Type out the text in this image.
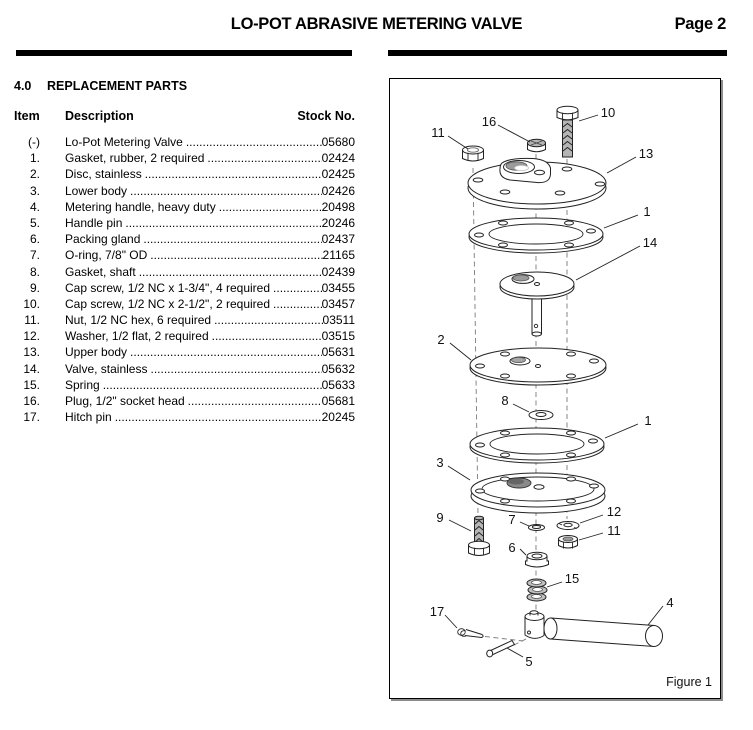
LO-POT ABRASIVE METERING VALVE	Page 2
4.0 REPLACEMENT PARTS
Item	Description	Stock No.
(-) Lo-Pot Metering Valve .....	05680
1. Gasket, rubber, 2 required .....	02424
2. Disc, stainless .....	02425
3. Lower body .....	02426
4. Metering handle, heavy duty .....	20498
5. Handle pin .....	20246
6. Packing gland .....	02437
7. O-ring, 7/8" OD .....	21165
8. Gasket, shaft .....	02439
9. Cap screw, 1/2 NC x 1-3/4", 4 required .....	03455
10. Cap screw, 1/2 NC x 2-1/2", 2 required .....	03457
11. Nut, 1/2 NC hex, 6 required .....	03511
12. Washer, 1/2 flat, 2 required .....	03515
13. Upper body .....	05631
14. Valve, stainless .....	05632
15. Spring .....	05633
16. Plug, 1/2" socket head .....	05681
17. Hitch pin .....	20245
11
16
10
13
1
14
2
8
1
3
9	7
12
11
6
15
17
4
5
Figure 1
